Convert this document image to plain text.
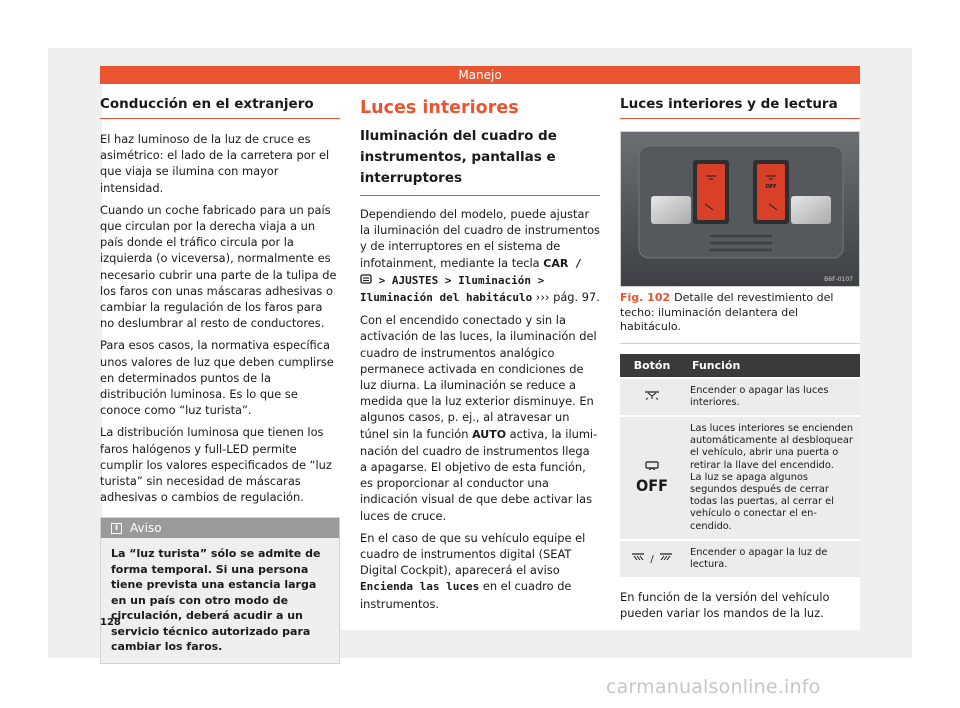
Manejo
Conducción en el extranjero

El haz luminoso de la luz de cruce es asimétrico: el lado de la carretera por el que viaja se ilumina con mayor intensidad.

Cuando un coche fabricado para un país que circulan por la derecha viaja a un país donde el tráfico circula por la izquierda (o viceversa), normalmente es necesario cubrir una parte de la tulipa de los faros con unas máscaras adhesivas o cambiar la regulación de los faros para no deslumbrar al resto de conductores.

Para esos casos, la normativa específica unos valores de luz que deben cumplirse en determinados puntos de la distribución luminosa. Es lo que se conoce como “luz turista”.

La distribución luminosa que tienen los faros halógenos y full-LED permite cumplir los valores especificados de “luz turista” sin necesidad de máscaras adhesivas o cambios de regulación.

i Aviso
La “luz turista” sólo se admite de forma temporal. Si una persona tiene prevista una estancia larga en un país con otro modo de circulación, deberá acudir a un servicio técnico autorizado para cambiar los faros.
Luces interiores
Iluminación del cuadro de instrumentos, pantallas e interruptores

Dependiendo del modelo, puede ajustar la iluminación del cuadro de instrumentos y de interruptores en el sistema de infotainment, mediante la tecla CAR /  > AJUSTES > Iluminación > Iluminación del habitáculo ››› pág. 97.

Con el encendido conectado y sin la activación de las luces, la iluminación del cuadro de instrumentos analógico permanece activada en condiciones de luz diurna. La iluminación se reduce a medida que la luz exterior disminuye. En algunos casos, p. ej., al atravesar un túnel sin la función AUTO activa, la iluminación del cuadro de instrumentos llega a apagarse. El objetivo de esta función, es proporcionar al conductor una indicación visual de que debe activar las luces de cruce.

En el caso de que su vehículo equipe el cuadro de instrumentos digital (SEAT Digital Cockpit), aparecerá el aviso Encienda las luces en el cuadro de instrumentos.

Luces interiores y de lectura
OFF
B6F-0107
Fig. 102 Detalle del revestimiento del techo: iluminación delantera del habitáculo.
Botón	Función
	Encender o apagar las luces interiores.

OFF	Las luces interiores se encienden automáticamente al desbloquear el vehículo, abrir una puerta o retirar la llave del encendido.
La luz se apaga algunos segundos después de cerrar todas las puertas, al cerrar el vehículo o conectar el encendido.
/	Encender o apagar la luz de lectura.

En función de la versión del vehículo pueden variar los mandos de la luz.

128
carmanualsonline.info
